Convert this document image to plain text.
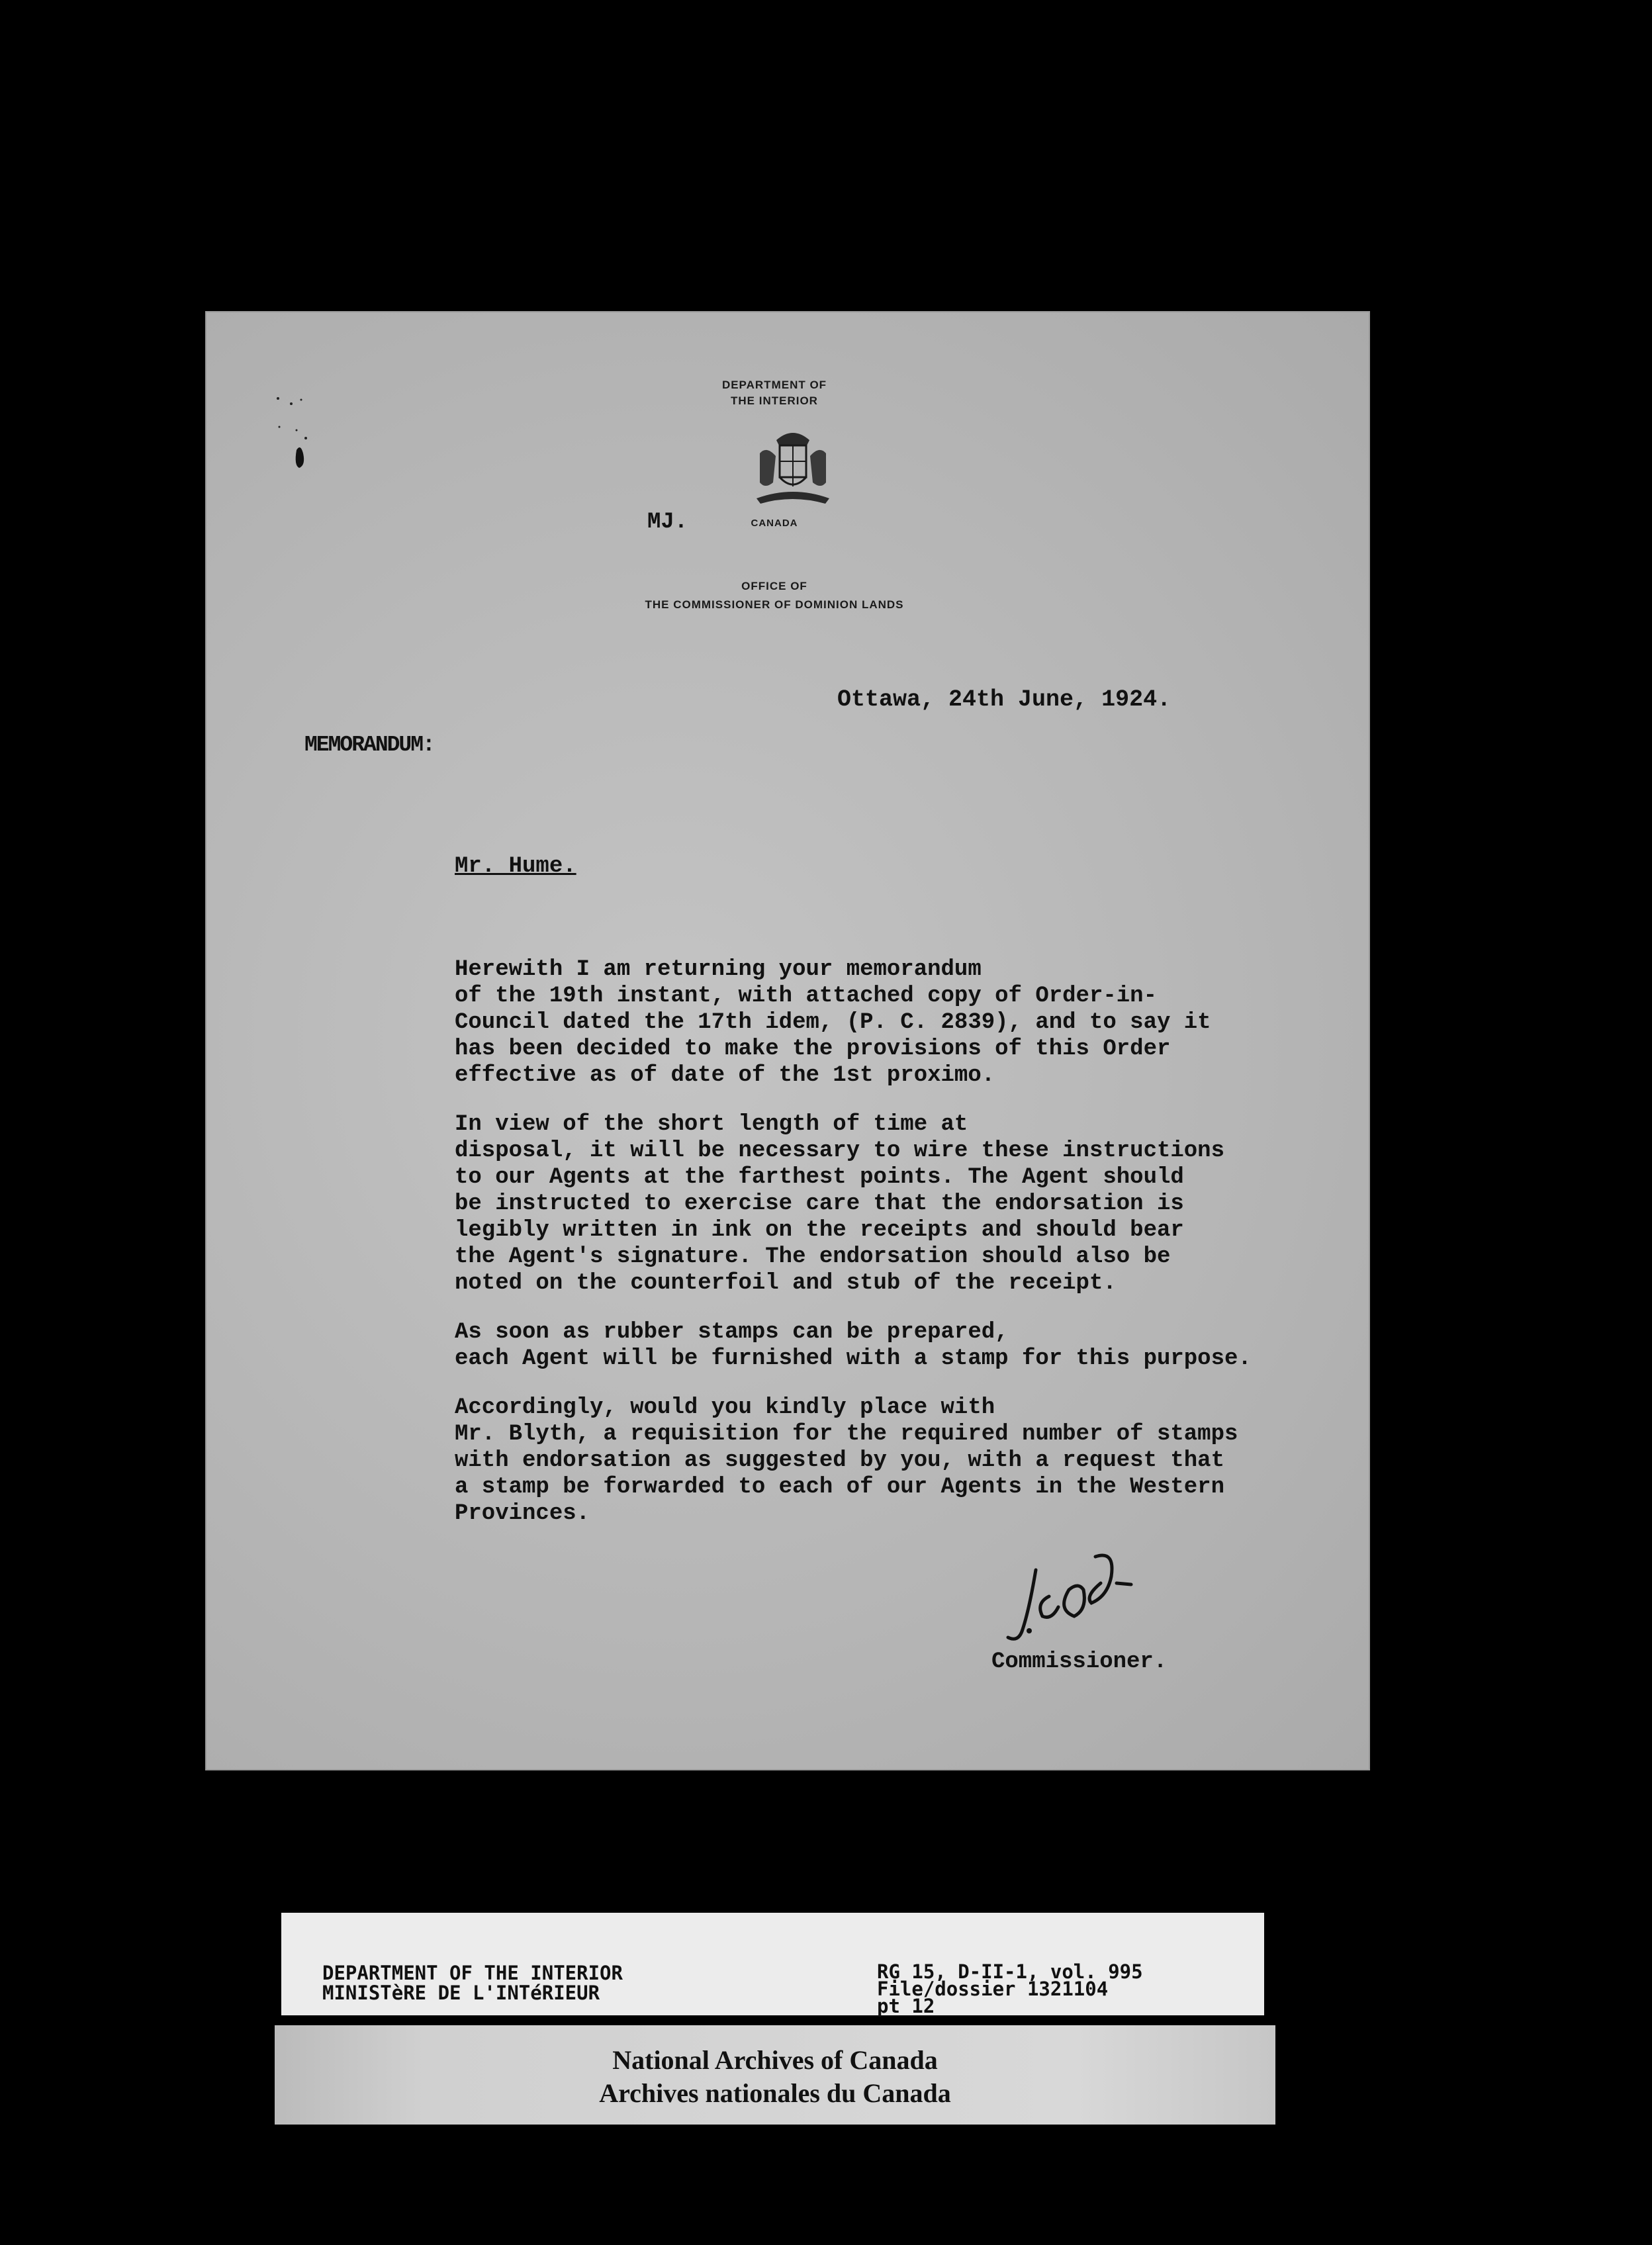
DEPARTMENT OF
THE INTERIOR
CANADA
OFFICE OF
THE COMMISSIONER OF DOMINION LANDS
MJ.
Ottawa, 24th June, 1924.
MEMORANDUM:
Mr. Hume.

Herewith I am returning your memorandum
of the 19th instant, with attached copy of Order-in-
Council dated the 17th idem, (P. C. 2839), and to say it
has been decided to make the provisions of this Order
effective as of date of the 1st proximo.

In view of the short length of time at
disposal, it will be necessary to wire these instructions
to our Agents at the farthest points. The Agent should
be instructed to exercise care that the endorsation is
legibly written in ink on the receipts and should bear
the Agent's signature. The endorsation should also be
noted on the counterfoil and stub of the receipt.

As soon as rubber stamps can be prepared,
each Agent will be furnished with a stamp for this purpose.

Accordingly, would you kindly place with
Mr. Blyth, a requisition for the required number of stamps
with endorsation as suggested by you, with a request that
a stamp be forwarded to each of our Agents in the Western
Provinces.

Commissioner.
DEPARTMENT OF THE INTERIOR
MINISTèRE DE L'INTéRIEUR
RG 15, D-II-1, vol. 995
File/dossier 1321104
pt 12
National Archives of Canada
Archives nationales du Canada
